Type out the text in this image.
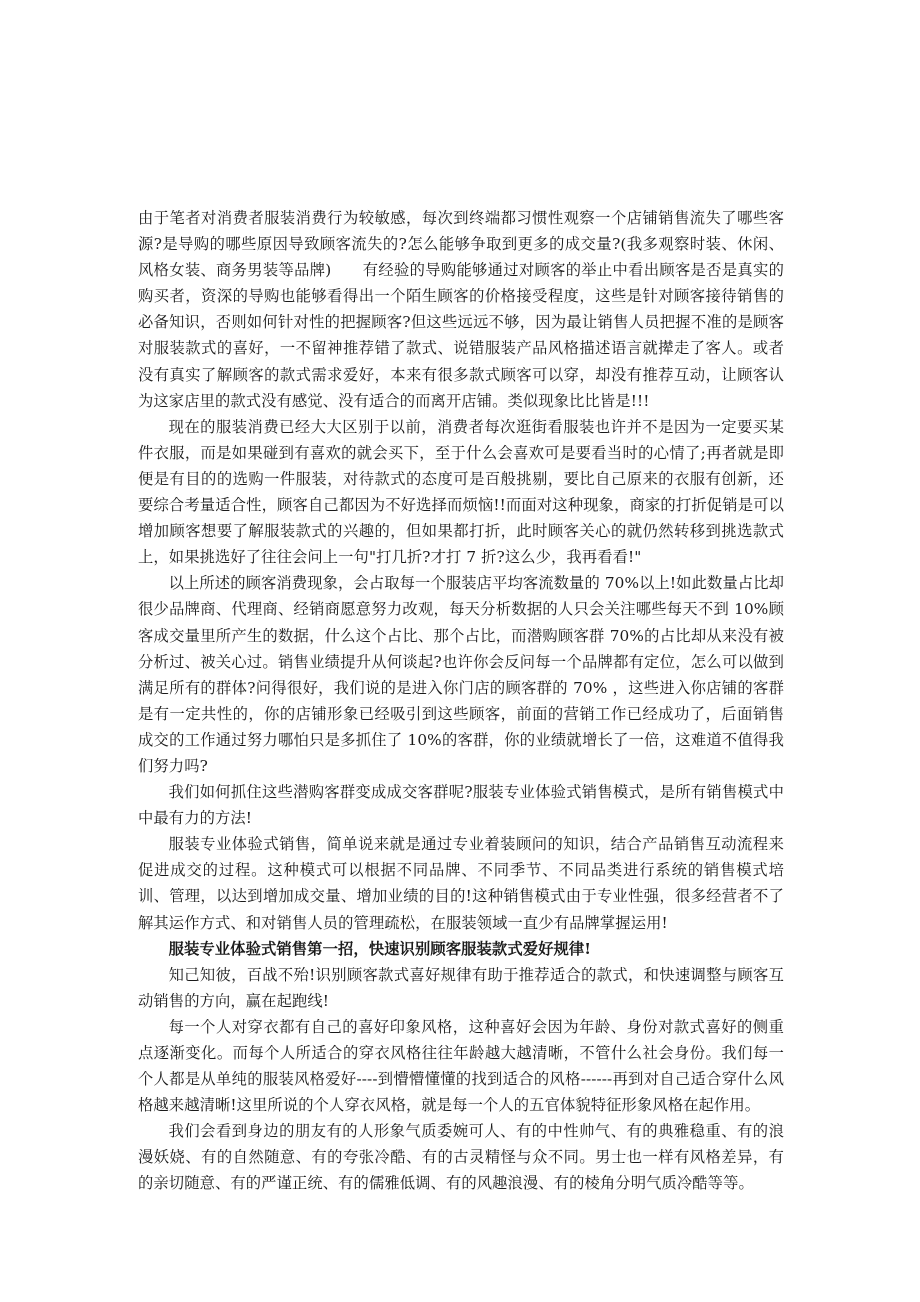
由于笔者对消费者服装消费行为较敏感，每次到终端都习惯性观察一个店铺销售流失了哪些客源?是导购的哪些原因导致顾客流失的?怎么能够争取到更多的成交量?(我多观察时装、休闲、风格女装、商务男装等品牌)　　有经验的导购能够通过对顾客的举止中看出顾客是否是真实的购买者，资深的导购也能够看得出一个陌生顾客的价格接受程度，这些是针对顾客接待销售的必备知识，否则如何针对性的把握顾客?但这些远远不够，因为最让销售人员把握不准的是顾客对服装款式的喜好，一不留神推荐错了款式、说错服装产品风格描述语言就撵走了客人。或者没有真实了解顾客的款式需求爱好，本来有很多款式顾客可以穿，却没有推荐互动，让顾客认为这家店里的款式没有感觉、没有适合的而离开店铺。类似现象比比皆是!!!

现在的服装消费已经大大区别于以前，消费者每次逛街看服装也许并不是因为一定要买某件衣服，而是如果碰到有喜欢的就会买下，至于什么会喜欢可是要看当时的心情了;再者就是即便是有目的的选购一件服装，对待款式的态度可是百般挑剔，要比自己原来的衣服有创新，还要综合考量适合性，顾客自己都因为不好选择而烦恼!!而面对这种现象，商家的打折促销是可以增加顾客想要了解服装款式的兴趣的，但如果都打折，此时顾客关心的就仍然转移到挑选款式上，如果挑选好了往往会问上一句"打几折?才打 7 折?这么少，我再看看!"

以上所述的顾客消费现象，会占取每一个服装店平均客流数量的 70%以上!如此数量占比却很少品牌商、代理商、经销商愿意努力改观，每天分析数据的人只会关注哪些每天不到 10%顾客成交量里所产生的数据，什么这个占比、那个占比，而潜购顾客群 70%的占比却从来没有被分析过、被关心过。销售业绩提升从何谈起?也许你会反问每一个品牌都有定位，怎么可以做到满足所有的群体?问得很好，我们说的是进入你门店的顾客群的 70% ，这些进入你店铺的客群是有一定共性的，你的店铺形象已经吸引到这些顾客，前面的营销工作已经成功了，后面销售成交的工作通过努力哪怕只是多抓住了 10%的客群，你的业绩就增长了一倍，这难道不值得我们努力吗?

我们如何抓住这些潜购客群变成成交客群呢?服装专业体验式销售模式，是所有销售模式中中最有力的方法!

服装专业体验式销售，简单说来就是通过专业着装顾问的知识，结合产品销售互动流程来促进成交的过程。这种模式可以根据不同品牌、不同季节、不同品类进行系统的销售模式培训、管理，以达到增加成交量、增加业绩的目的!这种销售模式由于专业性强，很多经营者不了解其运作方式、和对销售人员的管理疏松，在服装领域一直少有品牌掌握运用!

服装专业体验式销售第一招，快速识别顾客服装款式爱好规律!

知己知彼，百战不殆!识别顾客款式喜好规律有助于推荐适合的款式，和快速调整与顾客互动销售的方向，赢在起跑线!

每一个人对穿衣都有自己的喜好印象风格，这种喜好会因为年龄、身份对款式喜好的侧重点逐渐变化。而每个人所适合的穿衣风格往往年龄越大越清晰，不管什么社会身份。我们每一个人都是从单纯的服装风格爱好----到懵懵懂懂的找到适合的风格------再到对自己适合穿什么风格越来越清晰!这里所说的个人穿衣风格，就是每一个人的五官体貌特征形象风格在起作用。

我们会看到身边的朋友有的人形象气质委婉可人、有的中性帅气、有的典雅稳重、有的浪漫妖娆、有的自然随意、有的夸张冷酷、有的古灵精怪与众不同。男士也一样有风格差异，有的亲切随意、有的严谨正统、有的儒雅低调、有的风趣浪漫、有的棱角分明气质冷酷等等。
